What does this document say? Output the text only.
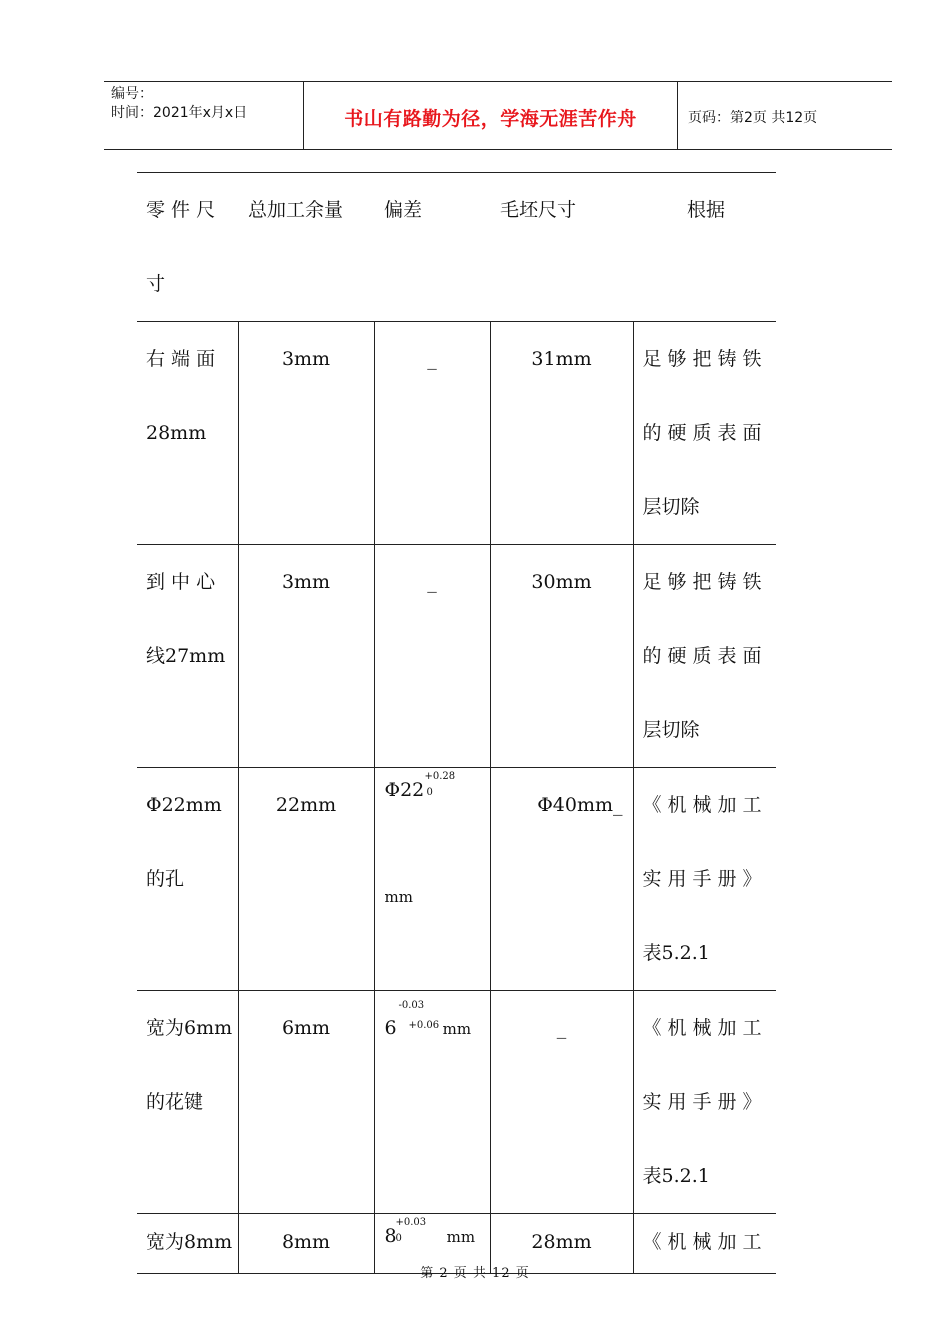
编号：
时间：2021年x月x日	书山有路勤为径，学海无涯苦作舟	页码：第2页 共12页
零 件 尺
寸	总加工余量	偏差	毛坯尺寸	根据

右 端 面
28mm	3mm	_	31mm	足够把铸铁
的硬质表面
层切除

到 中 心
线27mm	3mm	_	30mm	足够把铸铁
的硬质表面
层切除

Φ22mm
的孔	22mm	Φ22 0
+0.28
mm	Φ40mm_	《机械加工
实用手册》
表5.2.1

宽为6mm
的花键	6mm	6
-0.03
+0.06 mm	_	《机械加工
实用手册》
表5.2.1

宽为8mm	8mm	8
0
+0.03
mm	28mm	《机械加工
第 2 页 共 12 页
